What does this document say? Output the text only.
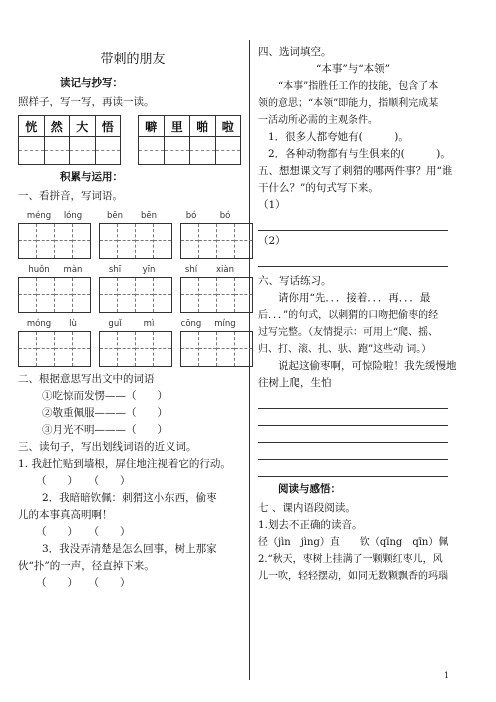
带刺的朋友
读记与抄写：

照样子，写一写，再读一读。

恍	然	大	悟	噼	里	啪	啦
积累与运用：

一、看拼音，写词语。

méng	lóng	bēn	bēn	bó	bó
huǒn	màn	shī	yīn	shí	xiàn
móng	lù	guǐ	mì	cōng	míng

二、根据意思写出文中的词语

①吃惊而发愣——（　　）

②敬重佩服———（　　）

③月光不明———（　　）

三、读句子，写出划线词语的近义词。

1. 我赶忙贴到墙根，屏住地注视着它的行动。

（　　）　　（　　）

2．我暗暗钦佩：刺猬这小东西，偷枣

儿的本事真高明啊！

（　　）　　（　　）

3．我没弄清楚是怎么回事，树上那家

伙“扑”的一声，径直掉下来。

（　　）　　（　　）

四、选词填空。

“本事”与“本领”

“本事”指胜任工作的技能，包含了本

领的意思；“本领”即能力，指顺利完成某

一活动所必需的主观条件。

1．很多人都夸她有(　　　)。

2．各种动物都有与生俱来的(　　　)。

五、想想课文写了刺猬的哪两件事？用“谁

干什么？”的句式写下来。

（1）

（2）

六、写话练习。

请你用“先．．．接着．．．再．．．最

后．．．”的句式，以刺猬的口吻把偷枣的经

过写完整。（友情提示：可用上“爬、摇、

归、打、滚、扎、驮、跑”这些动 词。）

说起这偷枣啊，可惊险啦！我先缓慢地

往树上爬，生怕

阅读与感悟：

七 、课内语段阅读。

1.划去不正确的读音。

径（jìn　jìng）直　　钦（qīng　qīn）佩

2.“秋天，枣树上挂满了一颗颗红枣儿，风

儿一吹，轻轻摆动，如同无数颗飘香的玛瑙

1
